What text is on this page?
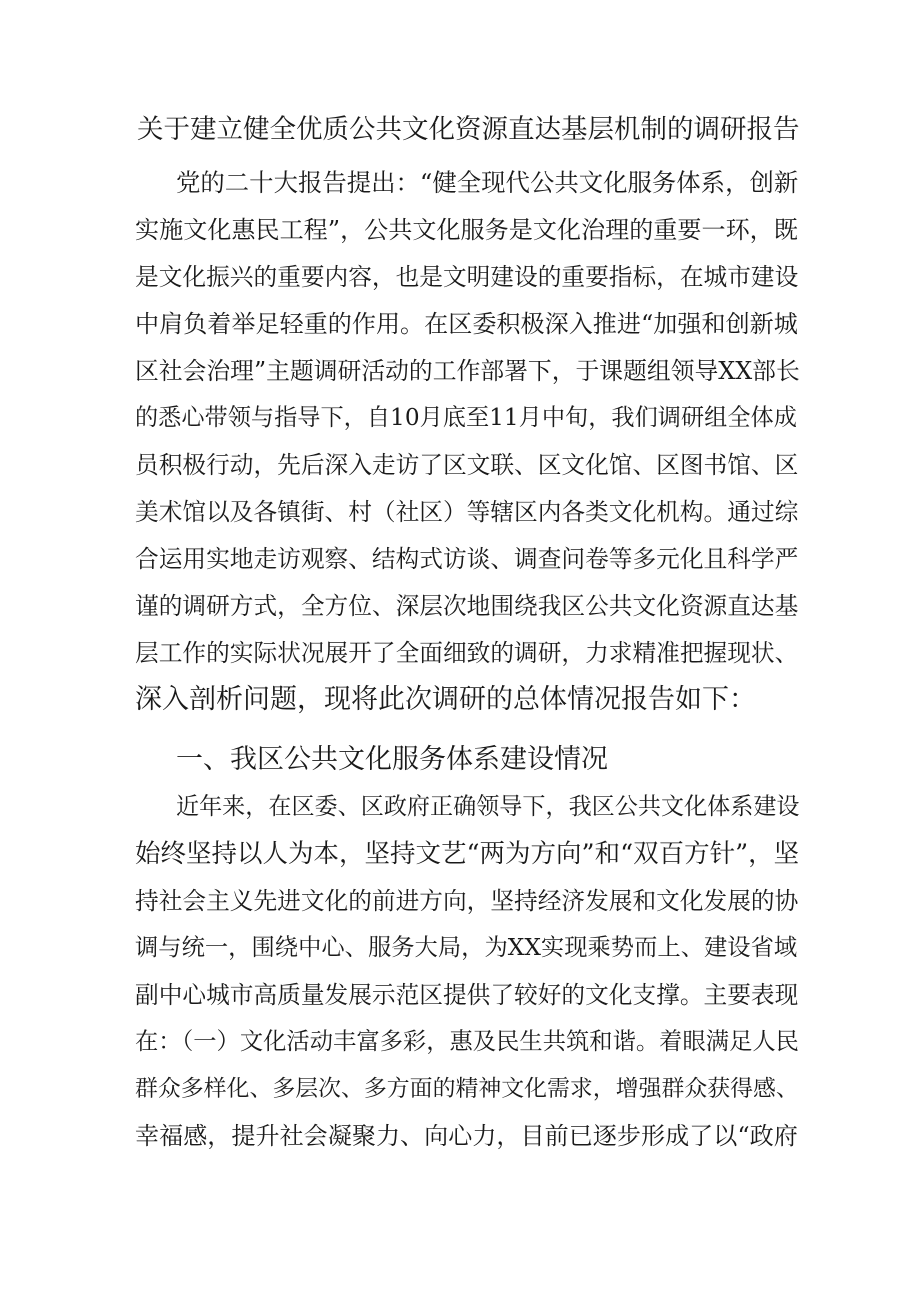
关于建立健全优质公共文化资源直达基层机制的调研报告
党的二十大报告提出：“健全现代公共文化服务体系，创新
实施文化惠民工程”，公共文化服务是文化治理的重要一环，既
是文化振兴的重要内容，也是文明建设的重要指标，在城市建设
中肩负着举足轻重的作用。在区委积极深入推进“加强和创新城
区社会治理”主题调研活动的工作部署下，于课题组领导XX部长
的悉心带领与指导下，自10月底至11月中旬，我们调研组全体成
员积极行动，先后深入走访了区文联、区文化馆、区图书馆、区
美术馆以及各镇街、村（社区）等辖区内各类文化机构。通过综
合运用实地走访观察、结构式访谈、调查问卷等多元化且科学严
谨的调研方式，全方位、深层次地围绕我区公共文化资源直达基
层工作的实际状况展开了全面细致的调研，力求精准把握现状、
深入剖析问题，现将此次调研的总体情况报告如下：
一、我区公共文化服务体系建设情况
近年来，在区委、区政府正确领导下，我区公共文化体系建设
始终坚持以人为本，坚持文艺“两为方向”和“双百方针”，坚
持社会主义先进文化的前进方向，坚持经济发展和文化发展的协
调与统一，围绕中心、服务大局，为XX实现乘势而上、建设省域
副中心城市高质量发展示范区提供了较好的文化支撑。主要表现
在：（一）文化活动丰富多彩，惠及民生共筑和谐。着眼满足人民
群众多样化、多层次、多方面的精神文化需求，增强群众获得感、
幸福感，提升社会凝聚力、向心力，目前已逐步形成了以“政府
